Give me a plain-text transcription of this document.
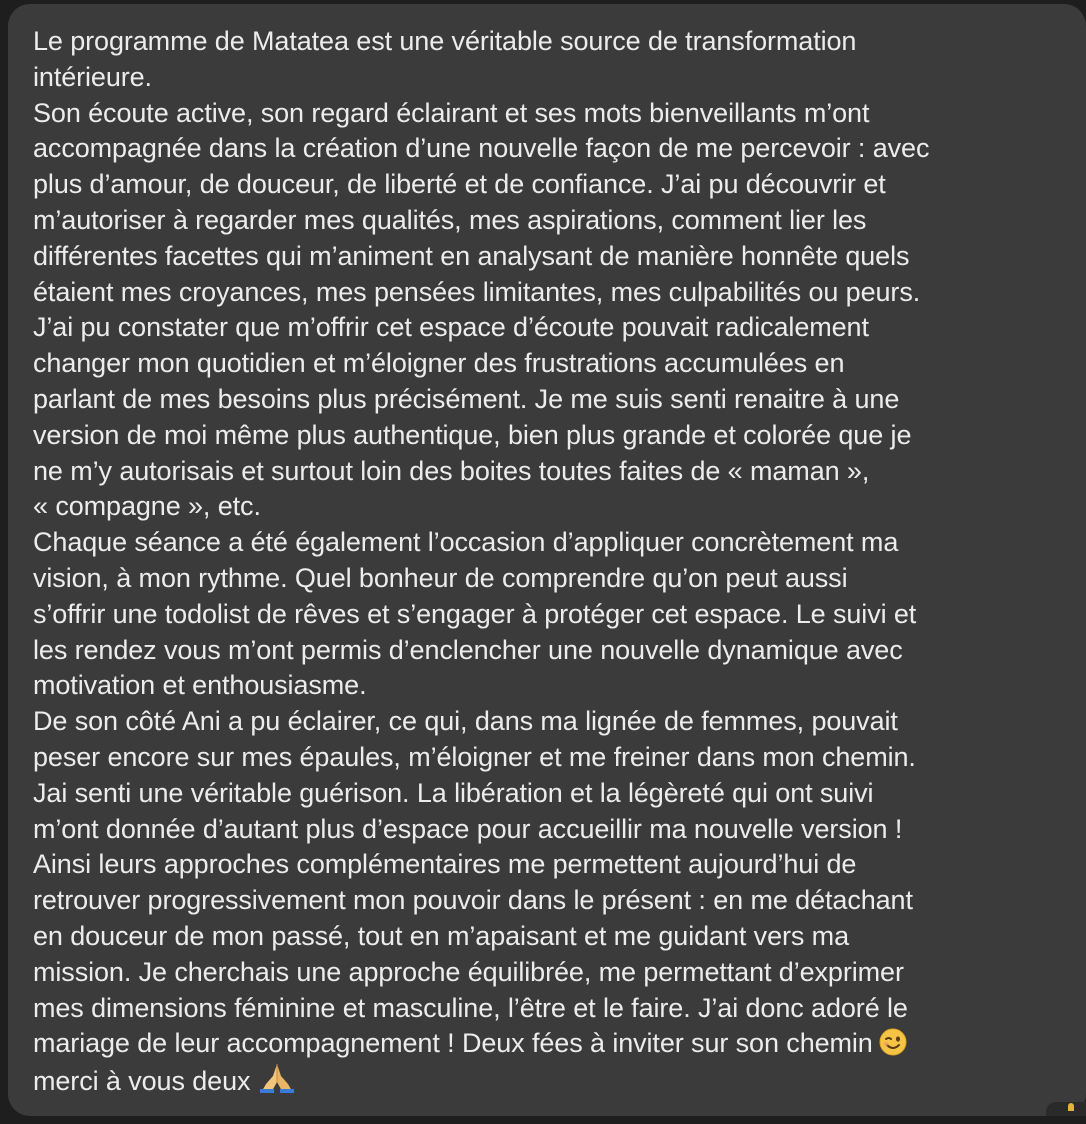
Le programme de Matatea est une véritable source de transformation
intérieure.
Son écoute active, son regard éclairant et ses mots bienveillants m’ont
accompagnée dans la création d’une nouvelle façon de me percevoir : avec
plus d’amour, de douceur, de liberté et de confiance. J’ai pu découvrir et
m’autoriser à regarder mes qualités, mes aspirations, comment lier les
différentes facettes qui m’animent en analysant de manière honnête quels
étaient mes croyances, mes pensées limitantes, mes culpabilités ou peurs.
J’ai pu constater que m’offrir cet espace d’écoute pouvait radicalement
changer mon quotidien et m’éloigner des frustrations accumulées en
parlant de mes besoins plus précisément. Je me suis senti renaitre à une
version de moi même plus authentique, bien plus grande et colorée que je
ne m’y autorisais et surtout loin des boites toutes faites de « maman »,
« compagne », etc.
Chaque séance a été également l’occasion d’appliquer concrètement ma
vision, à mon rythme. Quel bonheur de comprendre qu’on peut aussi
s’offrir une todolist de rêves et s’engager à protéger cet espace. Le suivi et
les rendez vous m’ont permis d’enclencher une nouvelle dynamique avec
motivation et enthousiasme.
De son côté Ani a pu éclairer, ce qui, dans ma lignée de femmes, pouvait
peser encore sur mes épaules, m’éloigner et me freiner dans mon chemin.
Jai senti une véritable guérison. La libération et la légèreté qui ont suivi
m’ont donnée d’autant plus d’espace pour accueillir ma nouvelle version !
Ainsi leurs approches complémentaires me permettent aujourd’hui de
retrouver progressivement mon pouvoir dans le présent : en me détachant
en douceur de mon passé, tout en m’apaisant et me guidant vers ma
mission. Je cherchais une approche équilibrée, me permettant d’exprimer
mes dimensions féminine et masculine, l’être et le faire. J’ai donc adoré le
mariage de leur accompagnement ! Deux fées à inviter sur son chemin
merci à vous deux
